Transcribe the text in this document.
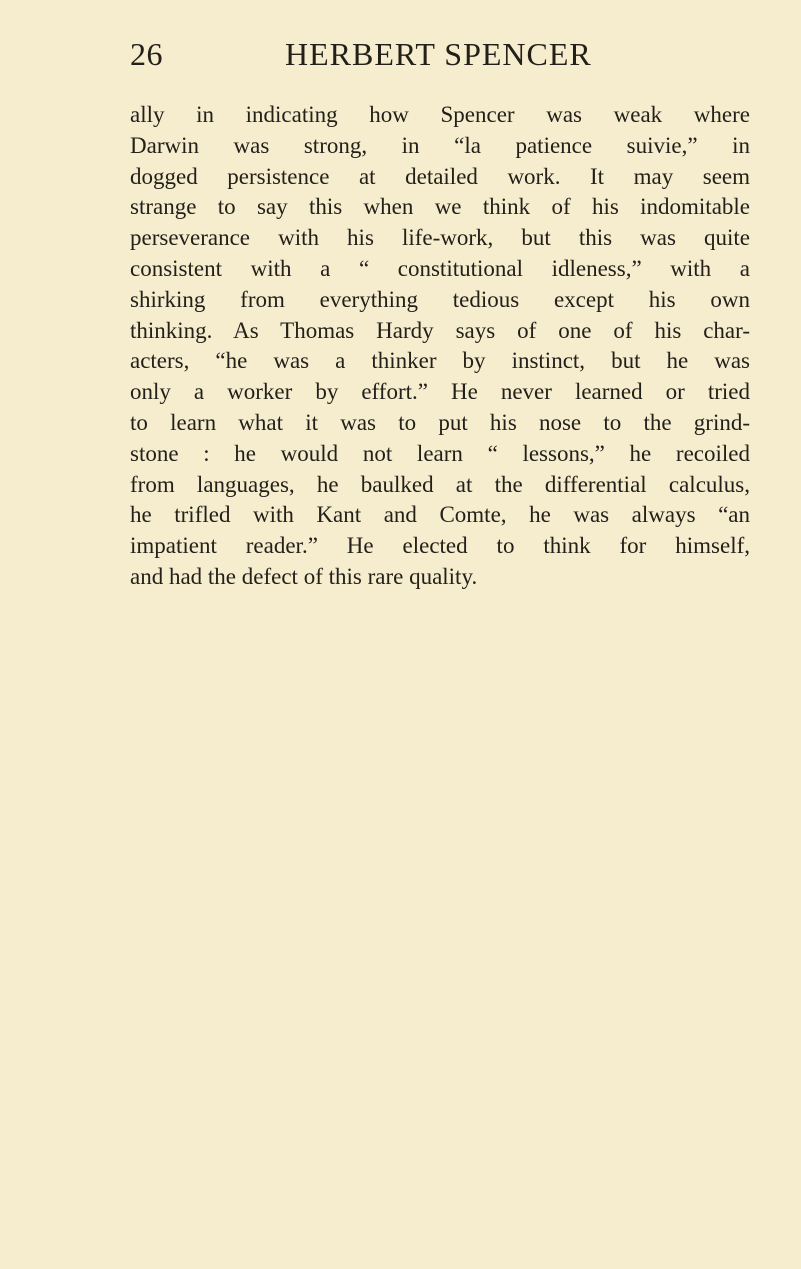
26	HERBERT SPENCER

ally in indicating how Spencer was weak where
Darwin was strong, in “la patience suivie,” in
dogged persistence at detailed work. It may seem
strange to say this when we think of his indomitable
perseverance with his life-work, but this was quite
consistent with a “ constitutional idleness,” with a
shirking from everything tedious except his own
thinking. As Thomas Hardy says of one of his char-
acters, “he was a thinker by instinct, but he was
only a worker by effort.” He never learned or tried
to learn what it was to put his nose to the grind-
stone : he would not learn “ lessons,” he recoiled
from languages, he baulked at the differential calculus,
he trifled with Kant and Comte, he was always “an
impatient reader.” He elected to think for himself,
and had the defect of this rare quality.
